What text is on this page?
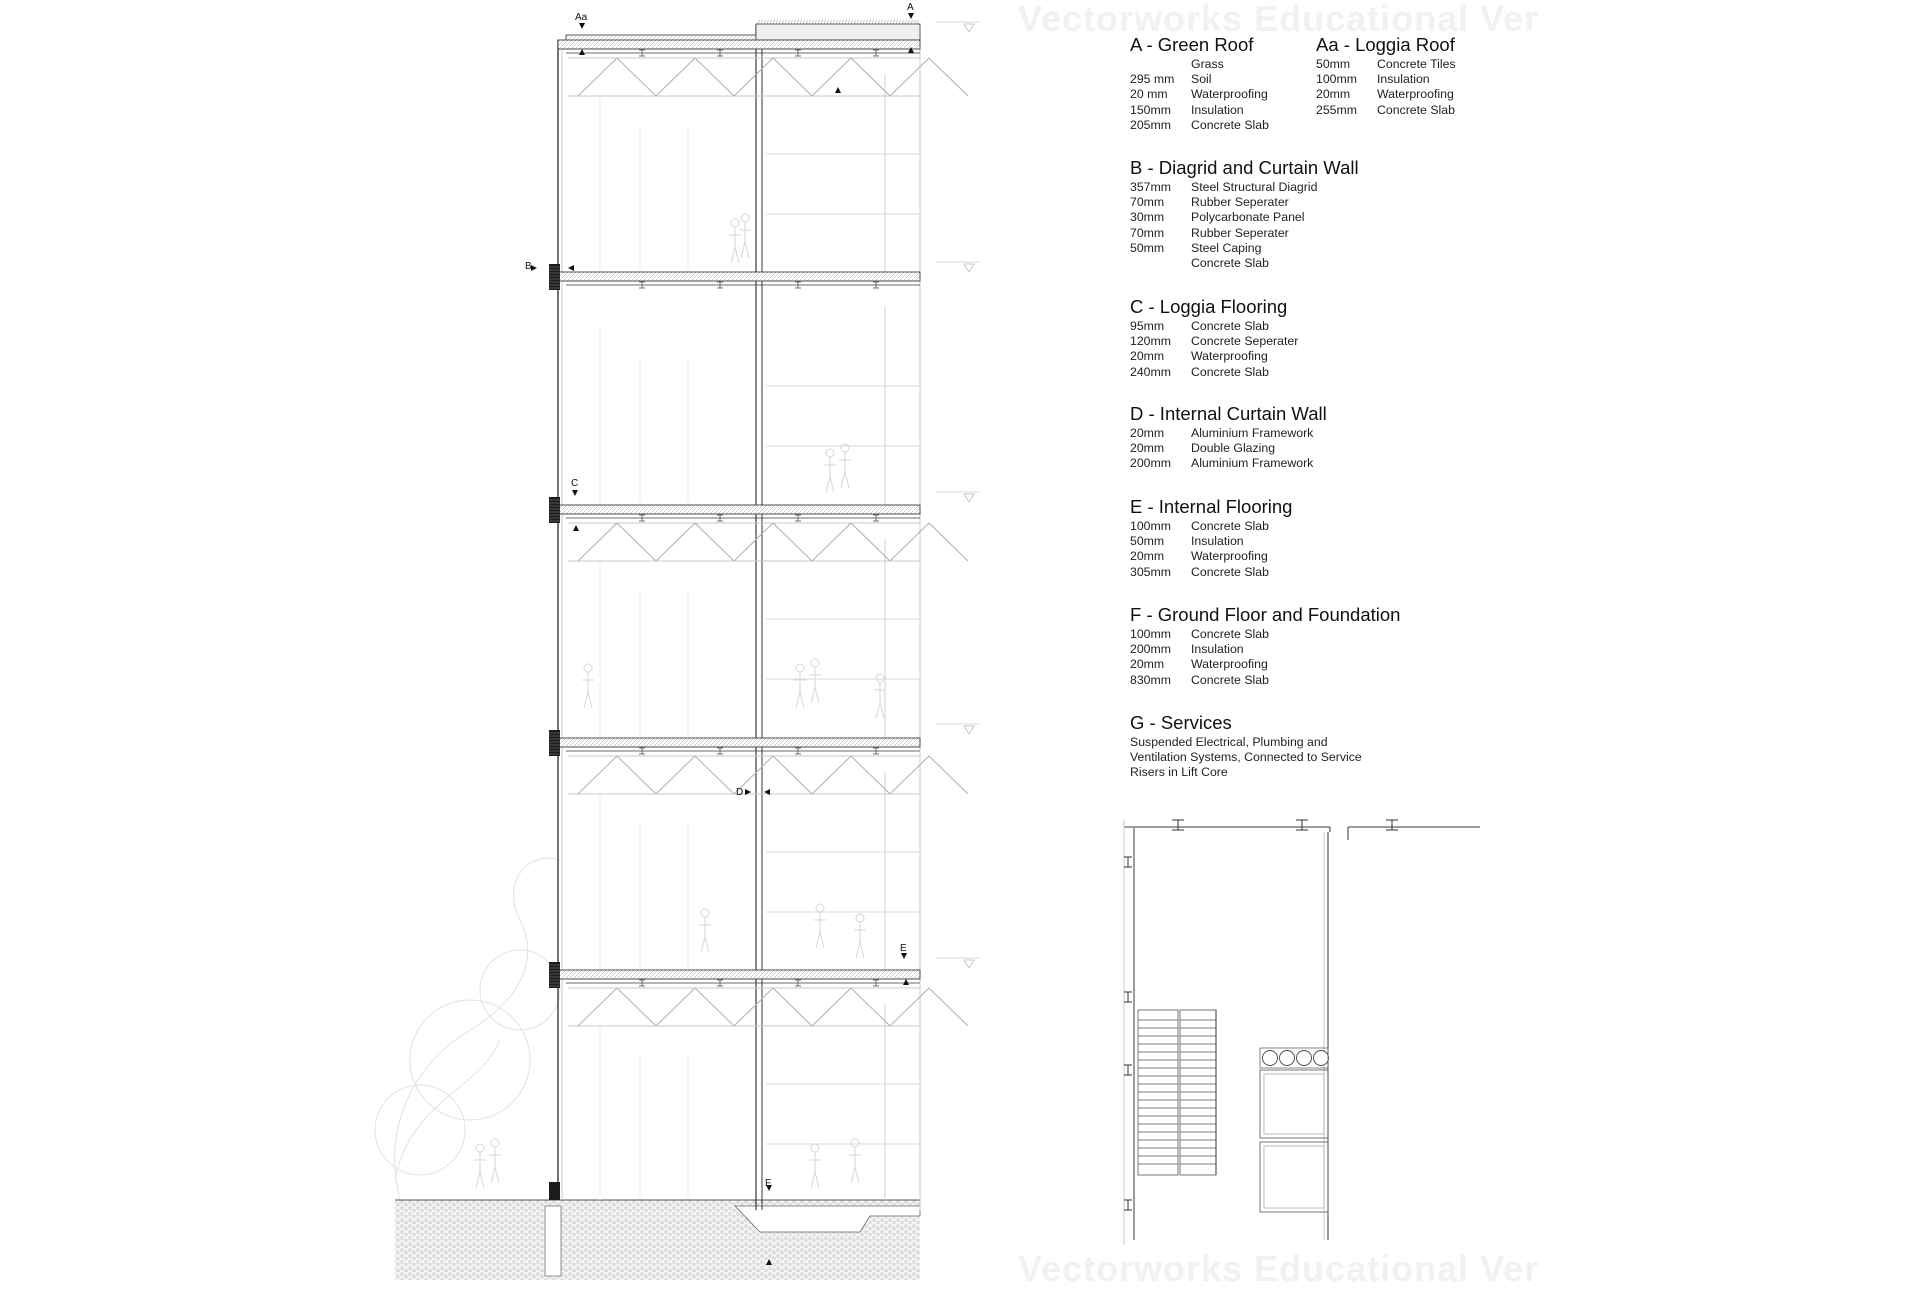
Vectorworks Educational Ver
Vectorworks Educational Ver
Aa
A
B
C
D
E
F
A - Green Roof
Grass
295 mm Soil
20 mm Waterproofing
150mm Insulation
205mm Concrete Slab
Aa - Loggia Roof
50mm Concrete Tiles
100mm Insulation
20mm Waterproofing
255mm Concrete Slab
B - Diagrid and Curtain Wall
357mm Steel Structural Diagrid
70mm Rubber Seperater
30mm Polycarbonate Panel
70mm Rubber Seperater
50mm Steel Caping
Concrete Slab
C - Loggia Flooring
95mm Concrete Slab
120mm Concrete Seperater
20mm Waterproofing
240mm Concrete Slab
D - Internal Curtain Wall
20mm Aluminium Framework
20mm Double Glazing
200mm Aluminium Framework
E - Internal Flooring
100mm Concrete Slab
50mm Insulation
20mm Waterproofing
305mm Concrete Slab
F - Ground Floor and Foundation
100mm Concrete Slab
200mm Insulation
20mm Waterproofing
830mm Concrete Slab
G - Services
Suspended Electrical, Plumbing and Ventilation Systems, Connected to Service Risers in Lift Core
